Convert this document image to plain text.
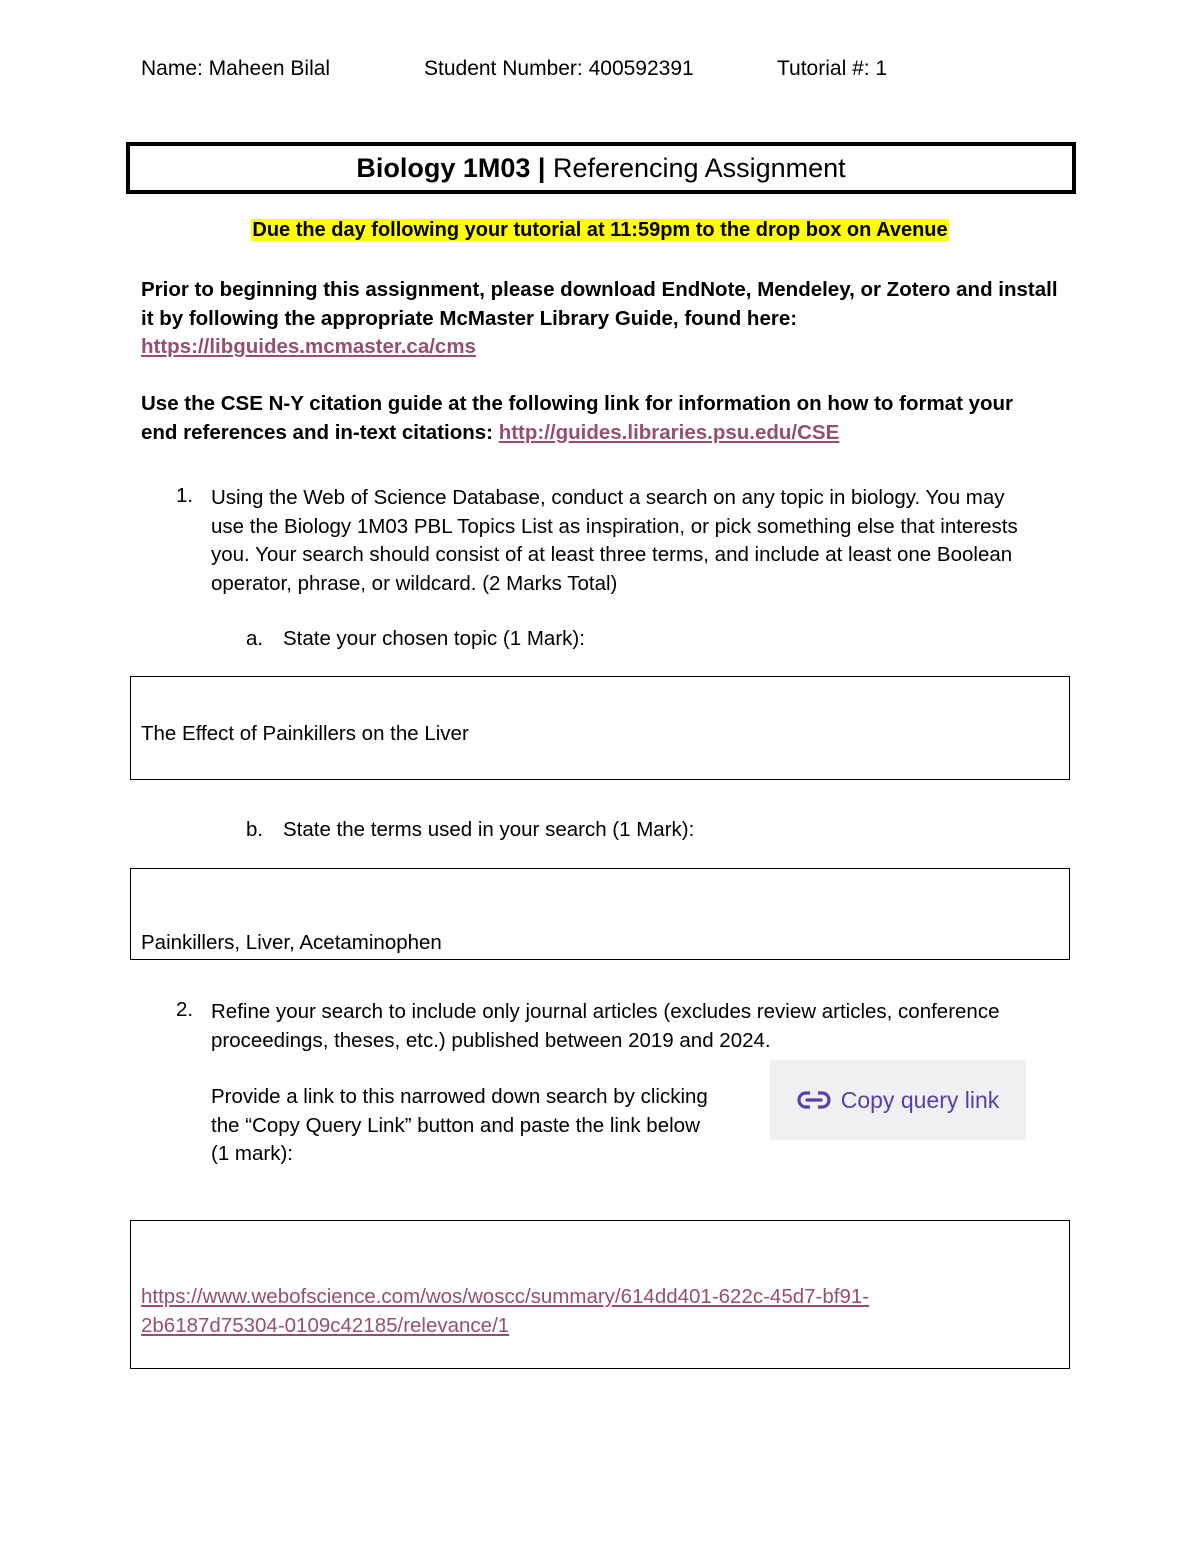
Name: Maheen Bilal	Student Number: 400592391	Tutorial #: 1
Biology 1M03 | Referencing Assignment
Due the day following your tutorial at 11:59pm to the drop box on Avenue
Prior to beginning this assignment, please download EndNote, Mendeley, or Zotero and install
it by following the appropriate McMaster Library Guide, found here:
https://libguides.mcmaster.ca/cms
Use the CSE N-Y citation guide at the following link for information on how to format your
end references and in-text citations: http://guides.libraries.psu.edu/CSE
1. Using the Web of Science Database, conduct a search on any topic in biology. You may
use the Biology 1M03 PBL Topics List as inspiration, or pick something else that interests
you. Your search should consist of at least three terms, and include at least one Boolean
operator, phrase, or wildcard. (2 Marks Total)
a. State your chosen topic (1 Mark):
The Effect of Painkillers on the Liver
b. State the terms used in your search (1 Mark):
Painkillers, Liver, Acetaminophen
2. Refine your search to include only journal articles (excludes review articles, conference
proceedings, theses, etc.) published between 2019 and 2024.
Provide a link to this narrowed down search by clicking
the “Copy Query Link” button and paste the link below
(1 mark):
Copy query link
https://www.webofscience.com/wos/woscc/summary/614dd401-622c-45d7-bf91-
2b6187d75304-0109c42185/relevance/1
